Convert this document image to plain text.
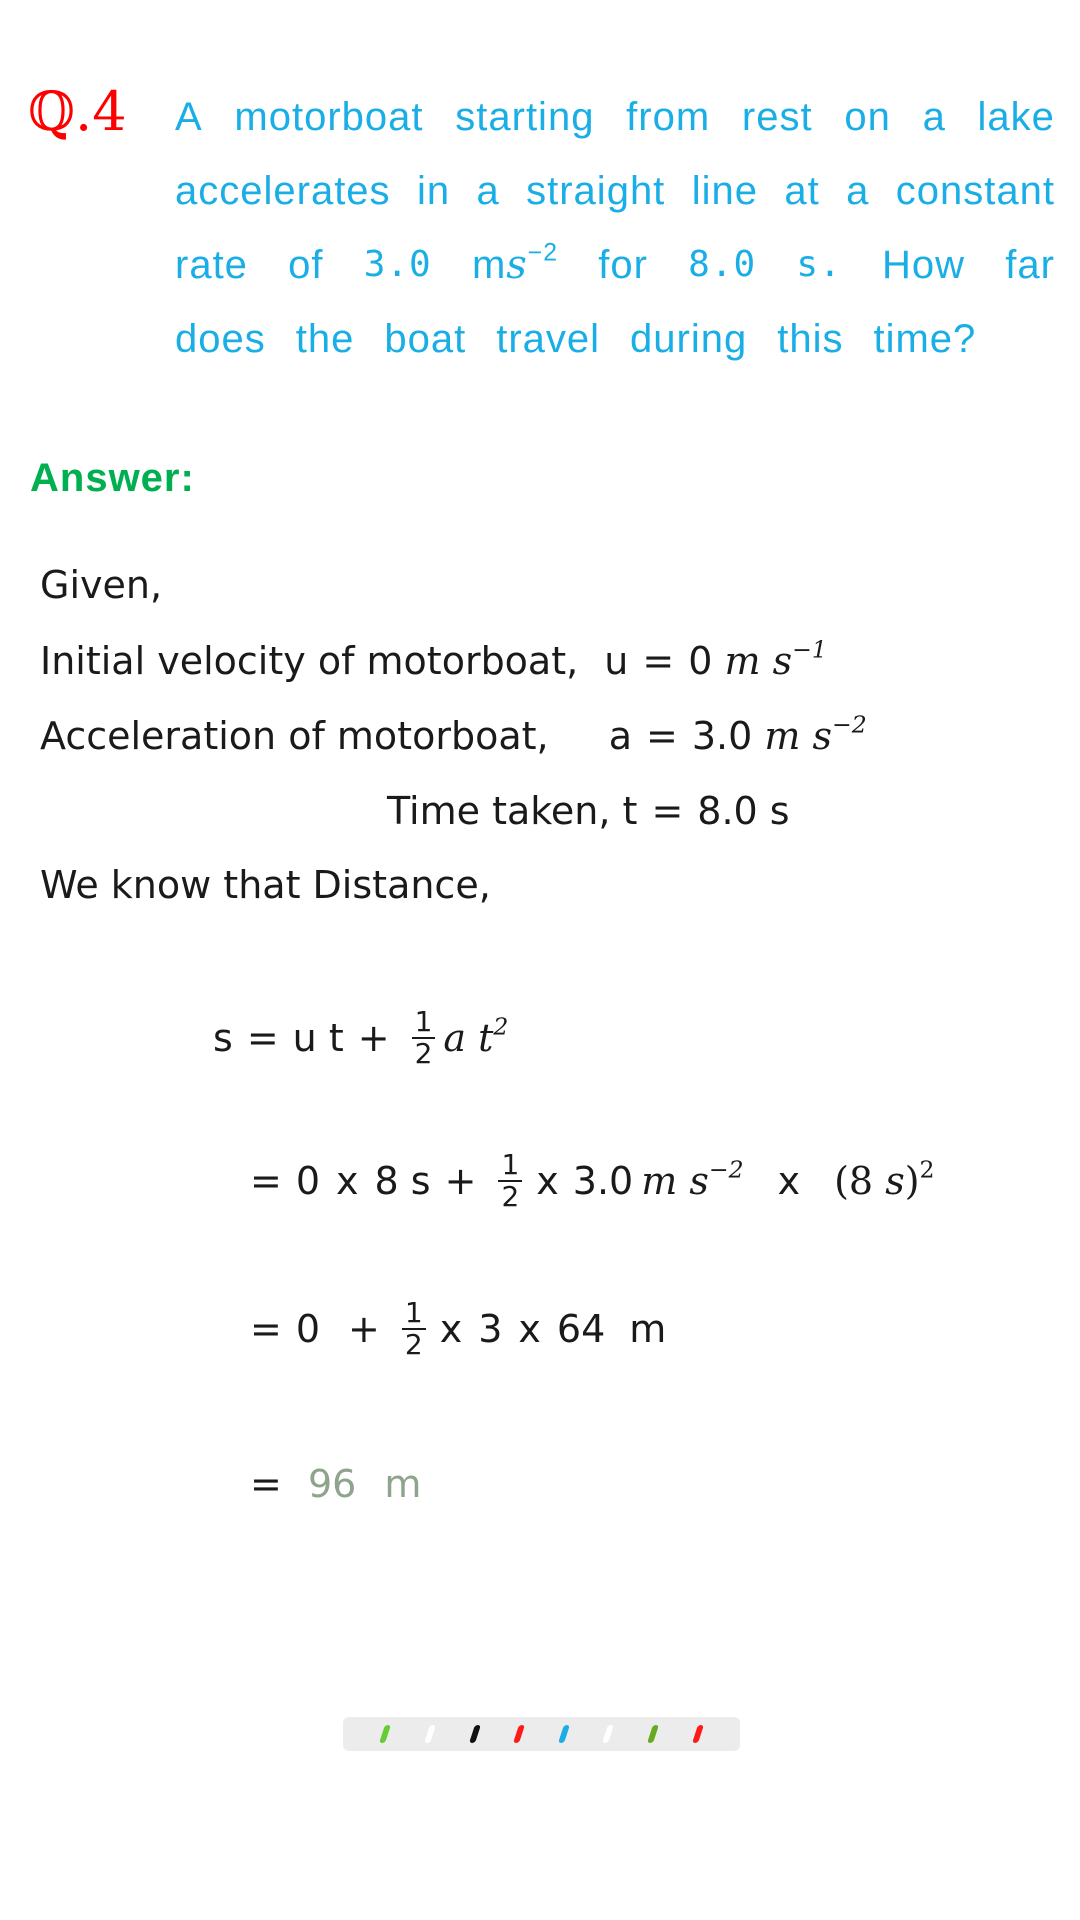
ℚ.4 A motorboat starting from rest on a lake
accelerates in a straight line at a constant
rate of 3.0 $ms^{-2}$ for 8.0 s. How far
does the boat travel during this time?
Answer:
Given,
Initial velocity of motorboat, u = 0 m $s^{-1}$
Acceleration of motorboat, a = 3.0 m $s^{-2}$
Time taken, t = 8.0 s
We know that Distance,
s = u $t + \frac{1}{2}$ a $t^2$
= 0 x 8 $s + \frac{1}{2}$ x 3.0 m $s^{-2}$ x (8 s)$^2$
= $0 + \frac{1}{2}$ x 3 x 64 m
= 96 m
